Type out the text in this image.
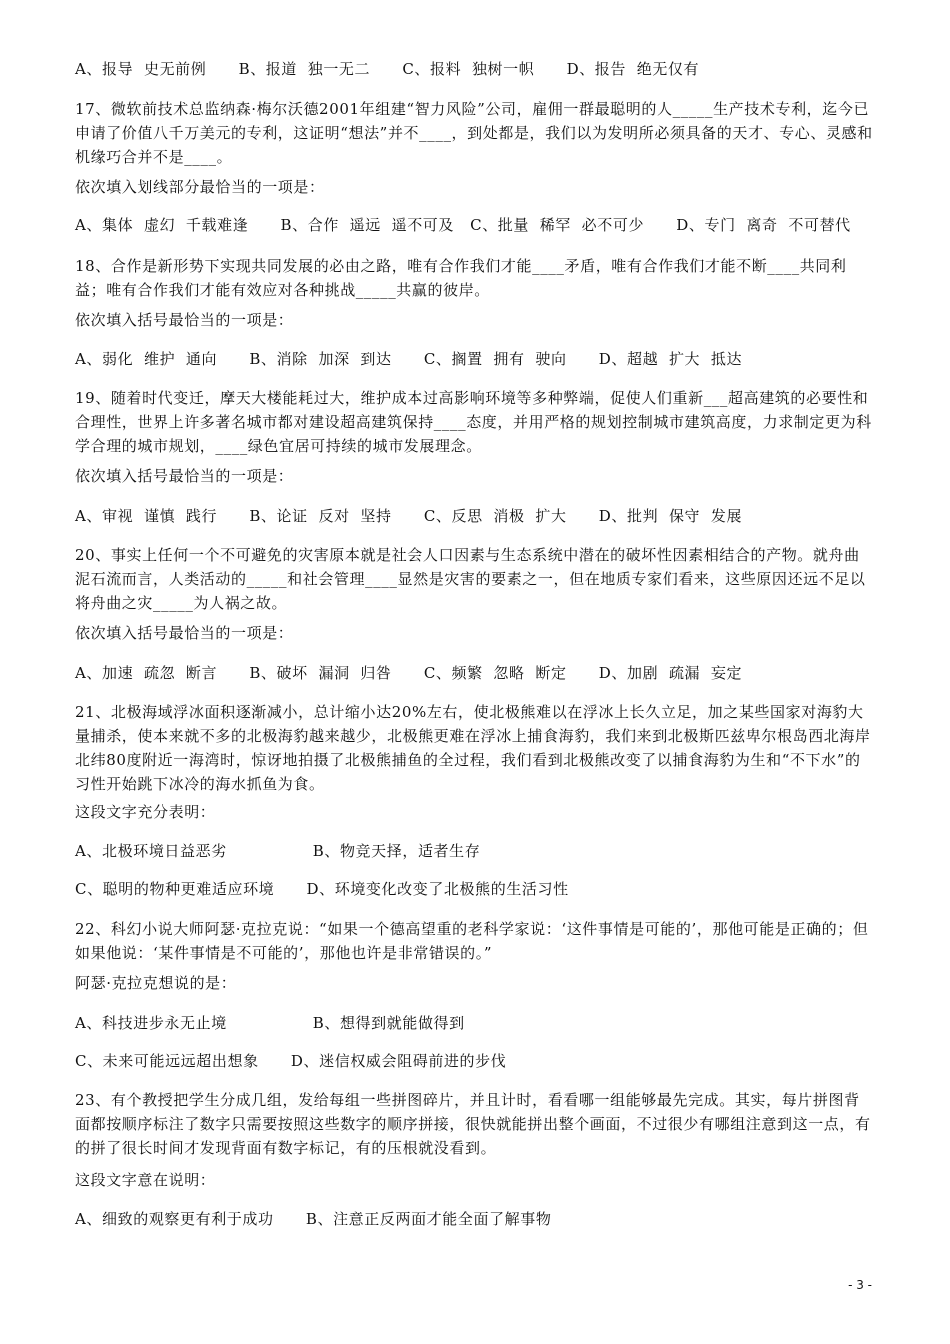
A、报导  史无前例      B、报道  独一无二      C、报料  独树一帜      D、报告  绝无仅有
17、微软前技术总监纳森·梅尔沃德2001年组建“智力风险”公司，雇佣一群最聪明的人_____生产技术专利，迄今已申请了价值八千万美元的专利，这证明“想法”并不____，到处都是，我们以为发明所必须具备的天才、专心、灵感和机缘巧合并不是____。
依次填入划线部分最恰当的一项是：
A、集体  虚幻  千载难逢      B、合作  遥远  遥不可及   C、批量  稀罕  必不可少      D、专门  离奇  不可替代
18、合作是新形势下实现共同发展的必由之路，唯有合作我们才能____矛盾，唯有合作我们才能不断____共同利益；唯有合作我们才能有效应对各种挑战_____共赢的彼岸。
依次填入括号最恰当的一项是：
A、弱化  维护  通向      B、消除  加深  到达      C、搁置  拥有  驶向      D、超越  扩大  抵达
19、随着时代变迁，摩天大楼能耗过大，维护成本过高影响环境等多种弊端，促使人们重新___超高建筑的必要性和合理性，世界上许多著名城市都对建设超高建筑保持____态度，并用严格的规划控制城市建筑高度，力求制定更为科学合理的城市规划，____绿色宜居可持续的城市发展理念。
依次填入括号最恰当的一项是：
A、审视  谨慎  践行      B、论证  反对  坚持      C、反思  消极  扩大      D、批判  保守  发展
20、事实上任何一个不可避免的灾害原本就是社会人口因素与生态系统中潜在的破坏性因素相结合的产物。就舟曲泥石流而言，人类活动的_____和社会管理____显然是灾害的要素之一，但在地质专家们看来，这些原因还远不足以将舟曲之灾_____为人祸之故。
依次填入括号最恰当的一项是：
A、加速  疏忽  断言      B、破坏  漏洞  归咎      C、频繁  忽略  断定      D、加剧  疏漏  妄定
21、北极海域浮冰面积逐渐减小，总计缩小达20%左右，使北极熊难以在浮冰上长久立足，加之某些国家对海豹大量捕杀，使本来就不多的北极海豹越来越少，北极熊更难在浮冰上捕食海豹，我们来到北极斯匹兹卑尔根岛西北海岸北纬80度附近一海湾时，惊讶地拍摄了北极熊捕鱼的全过程，我们看到北极熊改变了以捕食海豹为生和“不下水”的习性开始跳下冰冷的海水抓鱼为食。
这段文字充分表明：
A、北极环境日益恶劣                B、物竞天择，适者生存
C、聪明的物种更难适应环境      D、环境变化改变了北极熊的生活习性
22、科幻小说大师阿瑟·克拉克说：“如果一个德高望重的老科学家说：‘这件事情是可能的’，那他可能是正确的；但如果他说：‘某件事情是不可能的’，那他也许是非常错误的。”
阿瑟·克拉克想说的是：
A、科技进步永无止境                B、想得到就能做得到
C、未来可能远远超出想象      D、迷信权威会阻碍前进的步伐
23、有个教授把学生分成几组，发给每组一些拼图碎片，并且计时，看看哪一组能够最先完成。其实，每片拼图背面都按顺序标注了数字只需要按照这些数字的顺序拼接，很快就能拼出整个画面，不过很少有哪组注意到这一点，有的拼了很长时间才发现背面有数字标记，有的压根就没看到。
这段文字意在说明：
A、细致的观察更有利于成功      B、注意正反两面才能全面了解事物
- 3 -
